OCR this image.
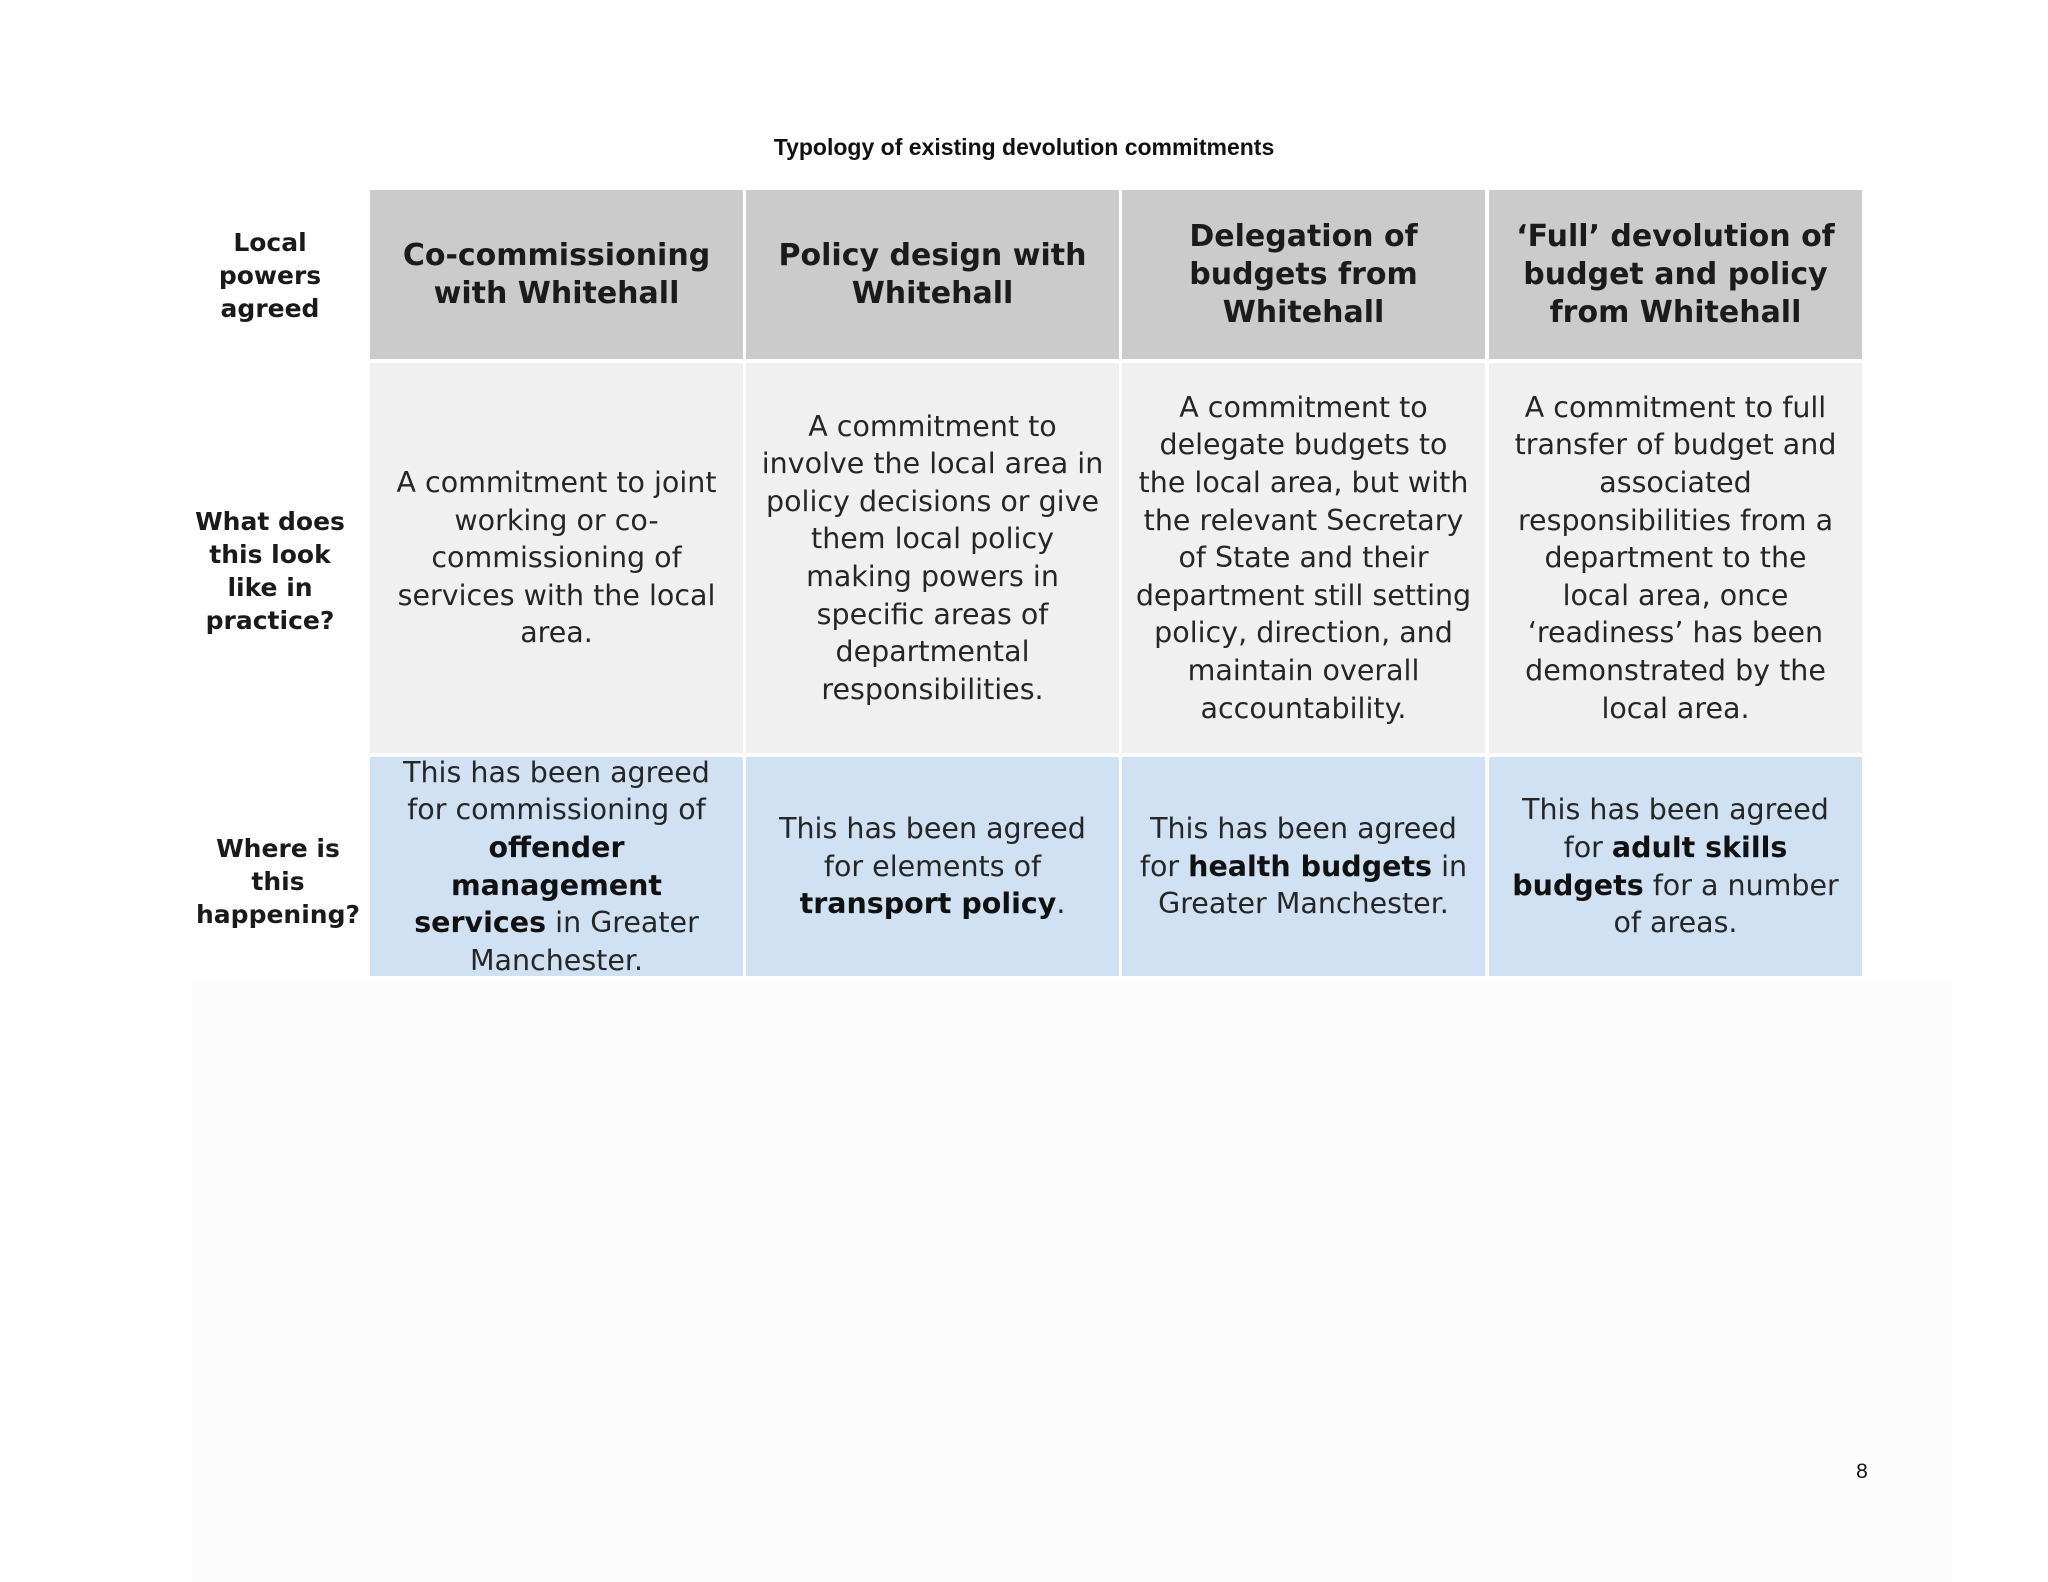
Typology of existing devolution commitments
Local powers agreed
What does this look like in practice?
Where is this happening?
Co-commissioning with Whitehall
Policy design with Whitehall
Delegation of budgets from Whitehall
‘Full’ devolution of budget and policy from Whitehall
A commitment to joint working or co-commissioning of services with the local area.
A commitment to involve the local area in policy decisions or give them local policy making powers in specific areas of departmental responsibilities.
A commitment to delegate budgets to the local area, but with the relevant Secretary of State and their department still setting policy, direction, and maintain overall accountability.
A commitment to full transfer of budget and associated responsibilities from a department to the local area, once ‘readiness’ has been demonstrated by the local area.
This has been agreed for commissioning of offender management services in Greater Manchester.
This has been agreed for elements of transport policy.
This has been agreed for health budgets in Greater Manchester.
This has been agreed for adult skills budgets for a number of areas.
8
